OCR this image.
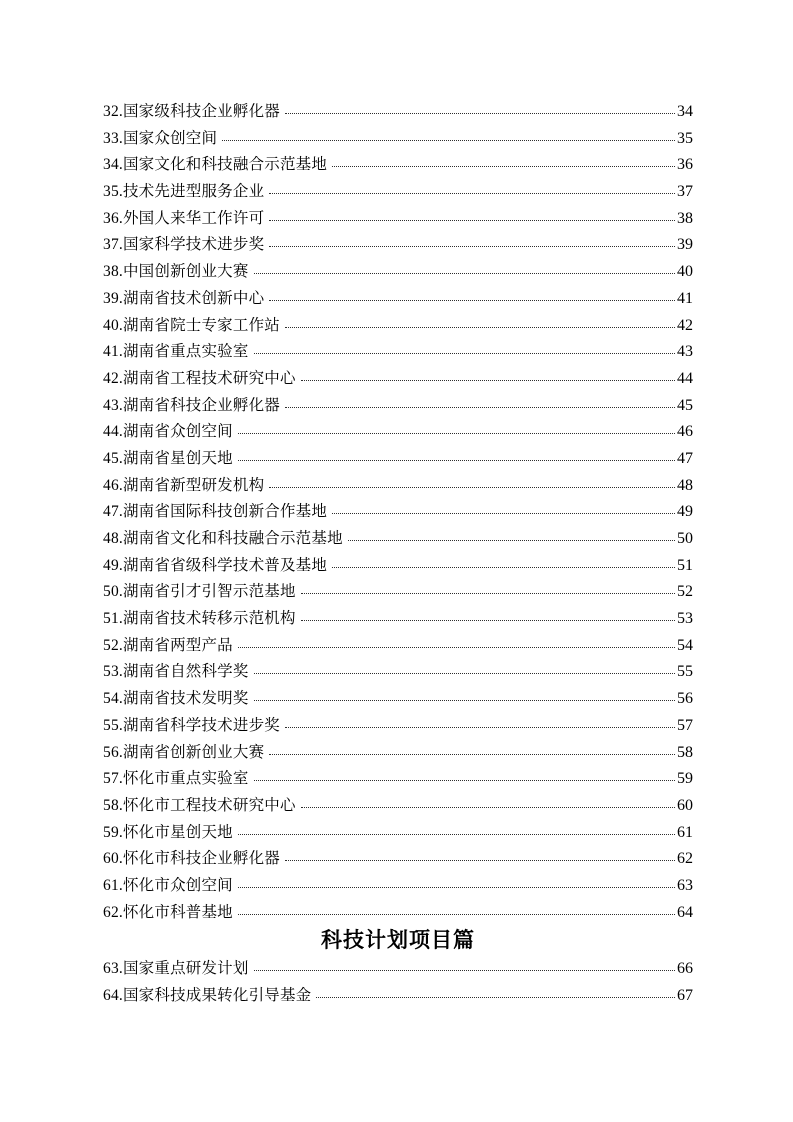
32.国家级科技企业孵化器	34
33.国家众创空间	35
34.国家文化和科技融合示范基地	36
35.技术先进型服务企业	37
36.外国人来华工作许可	38
37.国家科学技术进步奖	39
38.中国创新创业大赛	40
39.湖南省技术创新中心	41
40.湖南省院士专家工作站	42
41.湖南省重点实验室	43
42.湖南省工程技术研究中心	44
43.湖南省科技企业孵化器	45
44.湖南省众创空间	46
45.湖南省星创天地	47
46.湖南省新型研发机构	48
47.湖南省国际科技创新合作基地	49
48.湖南省文化和科技融合示范基地	50
49.湖南省省级科学技术普及基地	51
50.湖南省引才引智示范基地	52
51.湖南省技术转移示范机构	53
52.湖南省两型产品	54
53.湖南省自然科学奖	55
54.湖南省技术发明奖	56
55.湖南省科学技术进步奖	57
56.湖南省创新创业大赛	58
57.怀化市重点实验室	59
58.怀化市工程技术研究中心	60
59.怀化市星创天地	61
60.怀化市科技企业孵化器	62
61.怀化市众创空间	63
62.怀化市科普基地	64
科技计划项目篇
63.国家重点研发计划	66
64.国家科技成果转化引导基金	67
